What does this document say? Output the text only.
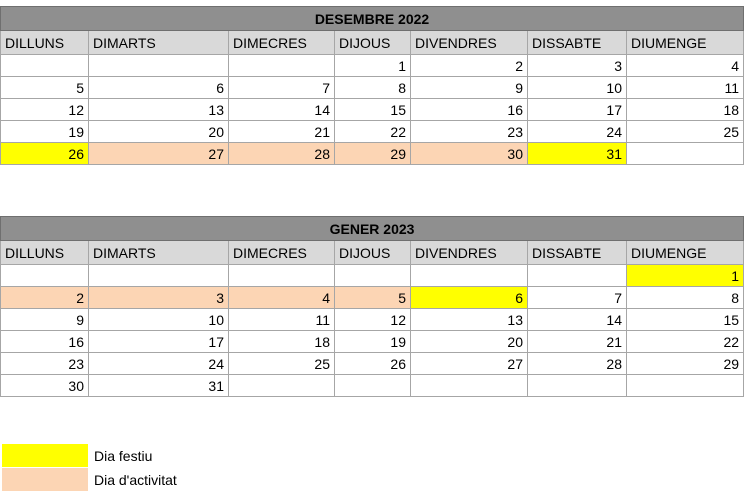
DESEMBRE 2022						
DILLUNS	DIMARTS	DIMECRES	DIJOUS	DIVENDRES	DISSABTE	DIUMENGE
			1	2	3	4
5	6	7	8	9	10	11
12	13	14	15	16	17	18
19	20	21	22	23	24	25
26	27	28	29	30	31	
GENER 2023						
DILLUNS	DIMARTS	DIMECRES	DIJOUS	DIVENDRES	DISSABTE	DIUMENGE
						1
2	3	4	5	6	7	8
9	10	11	12	13	14	15
16	17	18	19	20	21	22
23	24	25	26	27	28	29
30	31					
Dia festiu
Dia d'activitat
